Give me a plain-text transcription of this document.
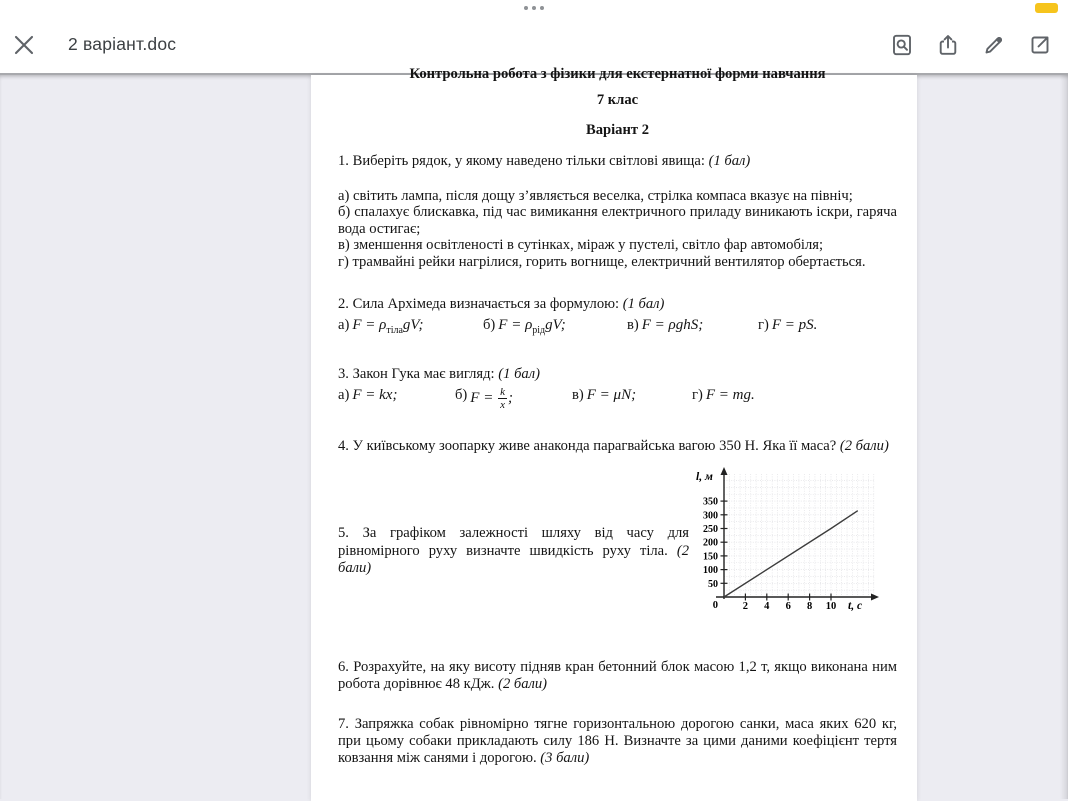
2 варіант.doc
Контрольна робота з фізики для екстернатної форми навчання
7 клас
Варіант 2

1. Виберіть рядок, у якому наведено тільки світлові явища: (1 бал)

а) світить лампа, після дощу з’являється веселка, стрілка компаса вказує на північ;
б) спалахує блискавка, під час вимикання електричного приладу виникають іскри, гаряча вода остигає;
в) зменшення освітленості в сутінках, міраж у пустелі, світло фар автомобіля;
г) трамвайні рейки нагрілися, горить вогнище, електричний вентилятор обертається.

2. Сила Архімеда визначається за формулою: (1 бал)

а) $F = \rho_{тіла}gV$;	б) $F = \rho_{рід}gV$;	в) F = ρghS;	г) F = pS.

3. Закон Гука має вигляд: (1 бал)

а) F = kx;	б) $F = \frac{k}{x}$ ;	в) F = μN;	г) F = mg.

4. У київському зоопарку живе анаконда парагвайська вагою 350 Н. Яка її маса? (2 бали)

5. За графіком залежності шляху від часу для рівномірного руху визначте швидкість руху тіла. (2 бали)

50
100
150
200
250
300
350
2 4 6 8 10
0
l, м
t, c

6. Розрахуйте, на яку висоту підняв кран бетонний блок масою 1,2 т, якщо виконана ним робота дорівнює 48 кДж. (2 бали)

7. Запряжка собак рівномірно тягне горизонтальною дорогою санки, маса яких 620 кг, при цьому собаки прикладають силу 186 Н. Визначте за цими даними коефіцієнт тертя ковзання між санями і дорогою. (3 бали)
